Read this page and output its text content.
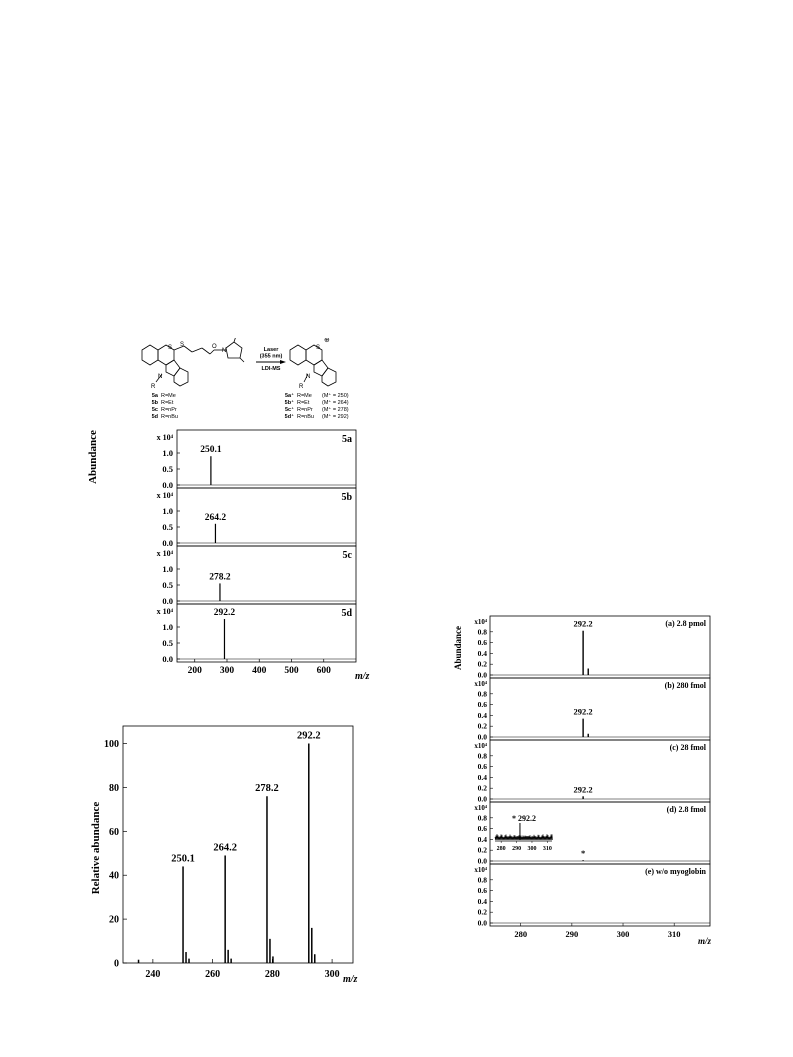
Laser
(355 nm)
LDI-MS
S S	O
N
N
R
S
N
R
⊕
5a R=Me
5b R=Et
5c R=nPr
5d R=nBu
5a⁺ R=Me (M⁺ = 250)
5b⁺ R=Et (M⁺ = 264)
5c⁺ R=nPr (M⁺ = 278)
5d⁺ R=nBu (M⁺ = 292)
Abundance
m/z
0.0
0.5
1.0
x 10⁴
250.1
5a
0.0
0.5
1.0
x 10⁴
264.2
5b
0.0
0.5
1.0
x 10⁴
278.2
5c
0.0
0.5
1.0
x 10⁴	292.2	5d
200 300 400 500 600
Relative abundance
m/z
0
20
40
60
80
100
240	260	280	300
250.1
264.2
278.2
292.2
Abundance
m/z
0.0
0.2
0.4
0.6
0.8
x10⁴	292.2	(a) 2.8 pmol
0.0
0.2
0.4
0.6
0.8
x10⁴
292.2
(b) 280 fmol
0.0
0.2
0.4
0.6
0.8
x10⁴
292.2
(c) 28 fmol
0.0
0.2
0.4
0.6
0.8
x10⁴
*
(d) 2.8 fmol
* 292.2
280 290 300 310
0.0
0.2
0.4
0.6
0.8
x10⁴	(e) w/o myoglobin
280	290	300	310
